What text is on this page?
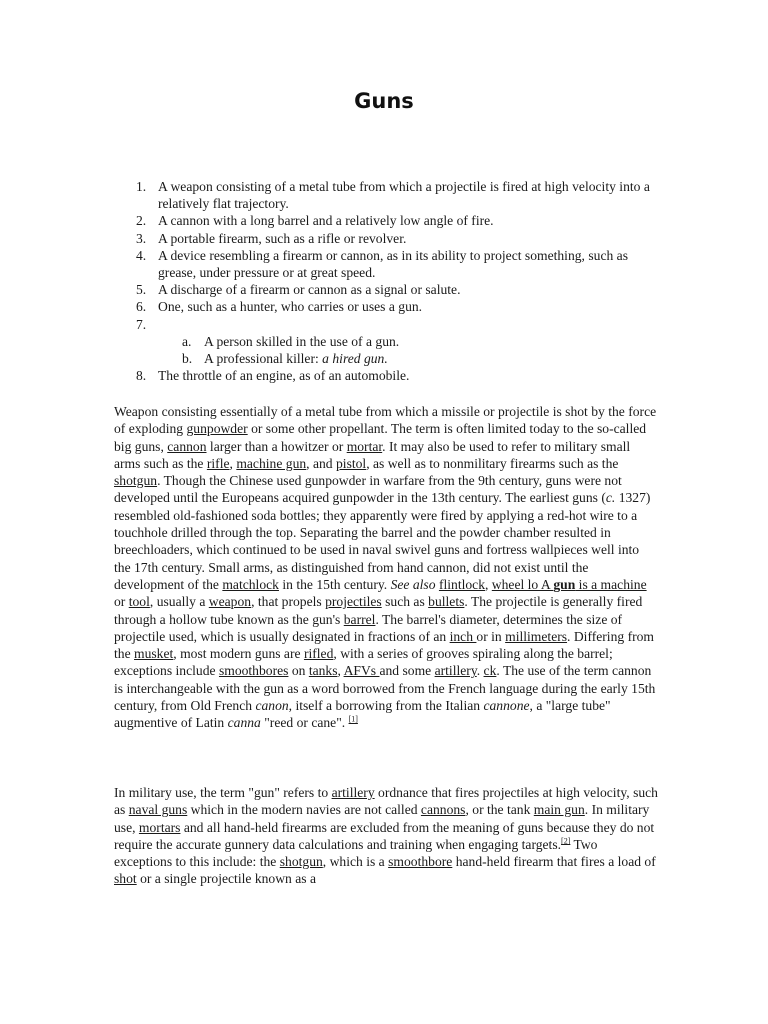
Guns
1. A weapon consisting of a metal tube from which a projectile is fired at high velocity into a relatively flat trajectory.
2. A cannon with a long barrel and a relatively low angle of fire.
3. A portable firearm, such as a rifle or revolver.
4. A device resembling a firearm or cannon, as in its ability to project something, such as grease, under pressure or at great speed.
5. A discharge of a firearm or cannon as a signal or salute.
6. One, such as a hunter, who carries or uses a gun.
7.

a. A person skilled in the use of a gun.
b. A professional killer: a hired gun.
8. The throttle of an engine, as of an automobile.

Weapon consisting essentially of a metal tube from which a missile or projectile is shot by the force of exploding gunpowder or some other propellant. The term is often limited today to the so-called big guns, cannon larger than a howitzer or mortar. It may also be used to refer to military small arms such as the rifle, machine gun, and pistol, as well as to nonmilitary firearms such as the shotgun. Though the Chinese used gunpowder in warfare from the 9th century, guns were not developed until the Europeans acquired gunpowder in the 13th century. The earliest guns (c. 1327) resembled old-fashioned soda bottles; they apparently were fired by applying a red-hot wire to a touchhole drilled through the top. Separating the barrel and the powder chamber resulted in breechloaders, which continued to be used in naval swivel guns and fortress wallpieces well into the 17th century. Small arms, as distinguished from hand cannon, did not exist until the development of the matchlock in the 15th century. See also flintlock, wheel lo A gun is a machine or tool, usually a weapon, that propels projectiles such as bullets. The projectile is generally fired through a hollow tube known as the gun's barrel. The barrel's diameter, determines the size of projectile used, which is usually designated in fractions of an inch or in millimeters. Differing from the musket, most modern guns are rifled, with a series of grooves spiraling along the barrel; exceptions include smoothbores on tanks, AFVs and some artillery. ck. The use of the term cannon is interchangeable with the gun as a word borrowed from the French language during the early 15th century, from Old French canon, itself a borrowing from the Italian cannone, a "large tube" augmentive of Latin canna "reed or cane". [1]

In military use, the term "gun" refers to artillery ordnance that fires projectiles at high velocity, such as naval guns which in the modern navies are not called cannons, or the tank main gun. In military use, mortars and all hand-held firearms are excluded from the meaning of guns because they do not require the accurate gunnery data calculations and training when engaging targets.[2] Two exceptions to this include: the shotgun, which is a smoothbore hand-held firearm that fires a load of shot or a single projectile known as a
